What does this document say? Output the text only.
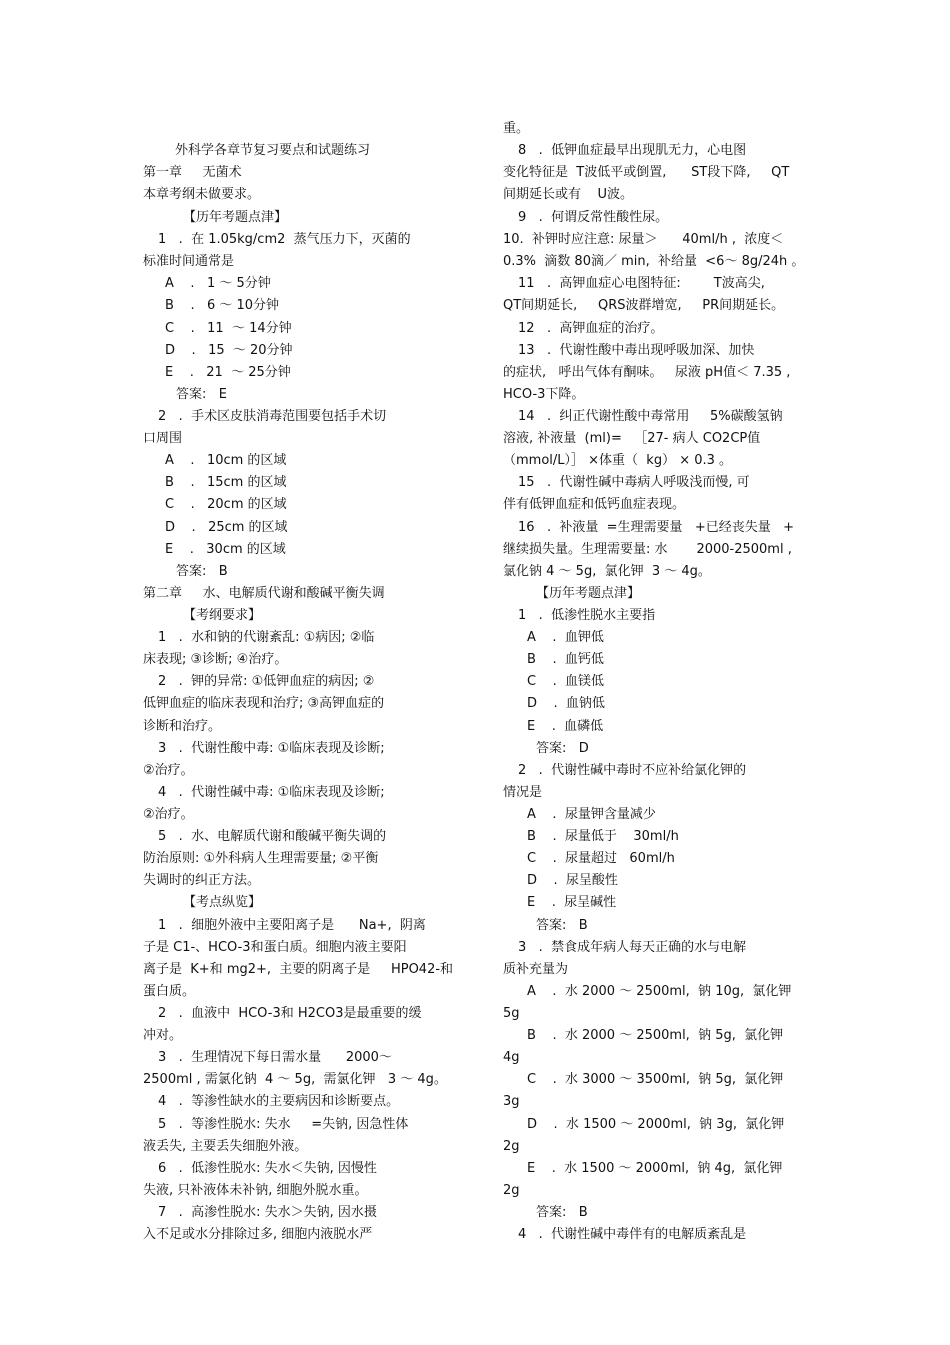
外科学各章节复习要点和试题练习
第一章     无菌术
本章考纲未做要求。
【历年考题点津】
1   .  在 1.05kg/cm2  蒸气压力下，灭菌的
标准时间通常是
A    .   1 ～ 5分钟
B    .   6 ～ 10分钟
C    .   11  ～ 14分钟
D    .   15  ～ 20分钟
E    .   21  ～ 25分钟
答案:   E
2   .  手术区皮肤消毒范围要包括手术切
口周围
A    .   10cm 的区域
B    .   15cm 的区域
C    .   20cm 的区域
D    .   25cm 的区域
E    .   30cm 的区域
答案:   B
第二章     水、电解质代谢和酸碱平衡失调
【考纲要求】
1   .  水和钠的代谢紊乱: ①病因; ②临
床表现; ③诊断; ④治疗。
2   .  钾的异常: ①低钾血症的病因; ②
低钾血症的临床表现和治疗; ③高钾血症的
诊断和治疗。
3   .  代谢性酸中毒: ①临床表现及诊断;
②治疗。
4   .  代谢性碱中毒: ①临床表现及诊断;
②治疗。
5   .  水、电解质代谢和酸碱平衡失调的
防治原则: ①外科病人生理需要量; ②平衡
失调时的纠正方法。
【考点纵览】
1   .  细胞外液中主要阳离子是      Na+,  阴离
子是 C1-、HCO-3和蛋白质。细胞内液主要阳
离子是  K+和 mg2+,  主要的阴离子是     HPO42-和
蛋白质。
2   .  血液中  HCO-3和 H2CO3是最重要的缓
冲对。
3   .  生理情况下每日需水量      2000～
2500ml , 需氯化钠  4 ～ 5g,  需氯化钾   3 ～ 4g。
4   .  等渗性缺水的主要病因和诊断要点。
5   .  等渗性脱水: 失水     =失钠, 因急性体
液丢失, 主要丢失细胞外液。
6   .  低渗性脱水: 失水＜失钠, 因慢性
失液, 只补液体未补钠, 细胞外脱水重。
7   .  高渗性脱水: 失水＞失钠, 因水摄
入不足或水分排除过多, 细胞内液脱水严
重。
8   .  低钾血症最早出现肌无力，心电图
变化特征是  T波低平或倒置,      ST段下降,     QT
间期延长或有    U波。
9   .  何谓反常性酸性尿。
10.  补钾时应注意: 尿量＞      40ml/h ,  浓度＜
0.3%  滴数 80滴／ min,  补给量  <6～ 8g/24h 。
11   .  高钾血症心电图特征:        T波高尖,
QT间期延长,     QRS波群增宽,     PR间期延长。
12   .  高钾血症的治疗。
13   .  代谢性酸中毒出现呼吸加深、加快
的症状,   呼出气体有酮味。   尿液 pH值＜ 7.35 ,
HCO-3下降。
14   .  纠正代谢性酸中毒常用     5%碳酸氢钠
溶液, 补液量  (ml)=   ［27- 病人 CO2CP值
（mmol/L）］ ×体重（  kg） × 0.3 。
15   .  代谢性碱中毒病人呼吸浅而慢, 可
伴有低钾血症和低钙血症表现。
16   .  补液量  =生理需要量   +已经丧失量   +
继续损失量。生理需要量: 水       2000-2500ml ,
氯化钠 4 ～ 5g,  氯化钾  3 ～ 4g。
【历年考题点津】
1   .  低渗性脱水主要指
A    .  血钾低
B    .  血钙低
C    .  血镁低
D    .  血钠低
E    .  血磷低
答案:   D
2   .  代谢性碱中毒时不应补给氯化钾的
情况是
A    .  尿量钾含量减少
B    .  尿量低于    30ml/h
C    .  尿量超过   60ml/h
D    .  尿呈酸性
E    .  尿呈碱性
答案:   B
3   .  禁食成年病人每天正确的水与电解
质补充量为
A    .  水 2000 ～ 2500ml,  钠 10g,  氯化钾
5g
B    .  水 2000 ～ 2500ml,  钠 5g,  氯化钾
4g
C    .  水 3000 ～ 3500ml,  钠 5g,  氯化钾
3g
D    .  水 1500 ～ 2000ml,  钠 3g,  氯化钾
2g
E    .  水 1500 ～ 2000ml,  钠 4g,  氯化钾
2g
答案:   B
4   .  代谢性碱中毒伴有的电解质紊乱是
